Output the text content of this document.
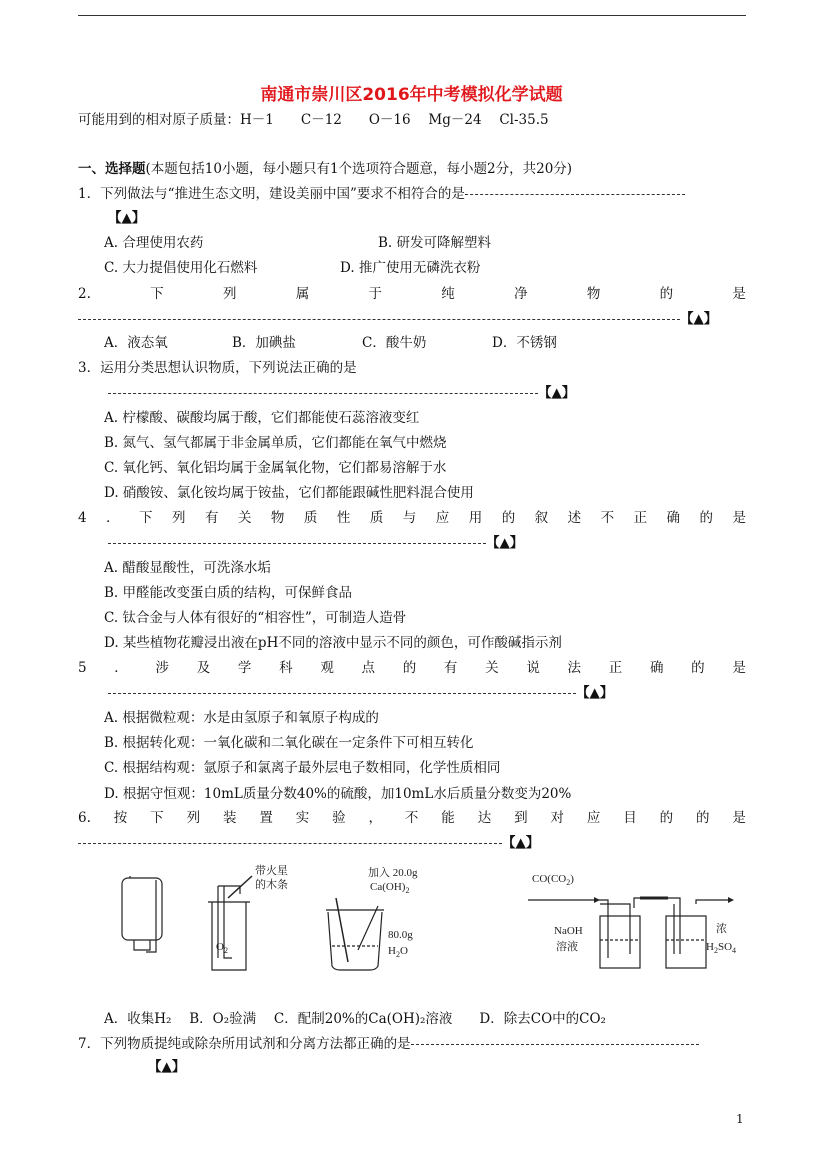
南通市崇川区2016年中考模拟化学试题
可能用到的相对原子质量：H－1　　C－12　　O－16　 Mg－24　 Cl-35.5
一、选择题(本题包括10小题，每小题只有1个选项符合题意，每小题2分，共20分)
1．下列做法与“推进生态文明，建设美丽中国”要求不相符合的是
【▲】
A. 合理使用农药	B. 研发可降解塑料
C. 大力提倡使用化石燃料	D. 推广使用无磷洗衣粉
2.	下	列	属	于	纯	净	物	的	是
【▲】
A．液态氧	B．加碘盐	C．酸牛奶	D．不锈钢
3．运用分类思想认识物质，下列说法正确的是
【▲】
A. 柠檬酸、碳酸均属于酸，它们都能使石蕊溶液变红
B. 氮气、氢气都属于非金属单质，它们都能在氧气中燃烧
C. 氧化钙、氧化铝均属于金属氧化物，它们都易溶解于水
D. 硝酸铵、氯化铵均属于铵盐，它们都能跟碱性肥料混合使用
4 ． 下 列 有 关 物 质 性 质 与 应 用 的 叙 述 不 正 确 的 是
【▲】
A. 醋酸显酸性，可洗涤水垢
B. 甲醛能改变蛋白质的结构，可保鲜食品
C. 钛合金与人体有很好的“相容性”，可制造人造骨
D. 某些植物花瓣浸出液在pH不同的溶液中显示不同的颜色，可作酸碱指示剂
5 ． 涉 及 学 科 观 点 的 有 关 说 法 正 确 的 是
【▲】
A. 根据微粒观：水是由氢原子和氧原子构成的
B. 根据转化观：一氧化碳和二氧化碳在一定条件下可相互转化
C. 根据结构观：氩原子和氯离子最外层电子数相同，化学性质相同
D. 根据守恒观：10mL质量分数40%的硫酸，加10mL水后质量分数变为20%
6. 按 下 列 装 置 实 验 ， 不 能 达 到 对 应 目 的 的 是
【▲】
带火星
的木条
$O_2$
加入 20.0g
$Ca(OH)_2$
80.0g
$H_2O$
$CO(CO_2)$
NaOH
溶液
浓
$H_2SO_4$
A．收集H₂　 B．O₂验满　 C．配制20%的Ca(OH)₂溶液　　D．除去CO中的CO₂
7．下列物质提纯或除杂所用试剂和分离方法都正确的是
【▲】
1
